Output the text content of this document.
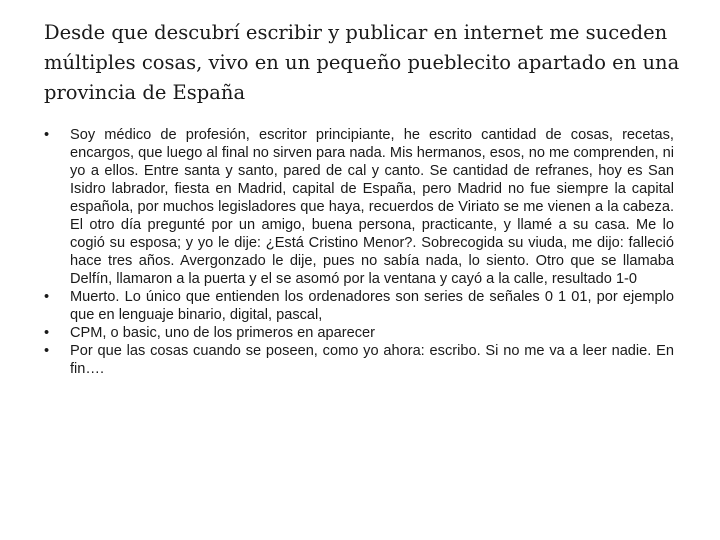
Desde que descubrí escribir y publicar en internet me suceden múltiples cosas, vivo en un pequeño pueblecito apartado en una provincia de España
•	Soy médico de profesión, escritor principiante, he escrito cantidad de cosas, recetas, encargos, que luego al final no sirven para nada. Mis hermanos, esos, no me comprenden, ni yo a ellos. Entre santa y santo, pared de cal y canto. Se cantidad de refranes, hoy es San Isidro labrador, fiesta en Madrid, capital de España, pero Madrid no fue siempre la capital española, por muchos legisladores que haya, recuerdos de Viriato se me vienen a la cabeza. El otro día pregunté por un amigo, buena persona, practicante, y llamé a su casa. Me lo cogió su esposa; y yo le dije: ¿Está Cristino Menor?. Sobrecogida su viuda, me dijo: falleció hace tres años. Avergonzado le dije, pues no sabía nada, lo siento. Otro que se llamaba Delfín, llamaron a la puerta y el se asomó por la ventana y cayó a la calle, resultado 1-0
•	Muerto. Lo único que entienden los ordenadores son series de señales 0 1 01, por ejemplo que en lenguaje binario, digital, pascal,
•	CPM, o basic, uno de los primeros en aparecer
•	Por que las cosas cuando se poseen, como yo ahora: escribo. Si no me va a leer nadie. En fin….
